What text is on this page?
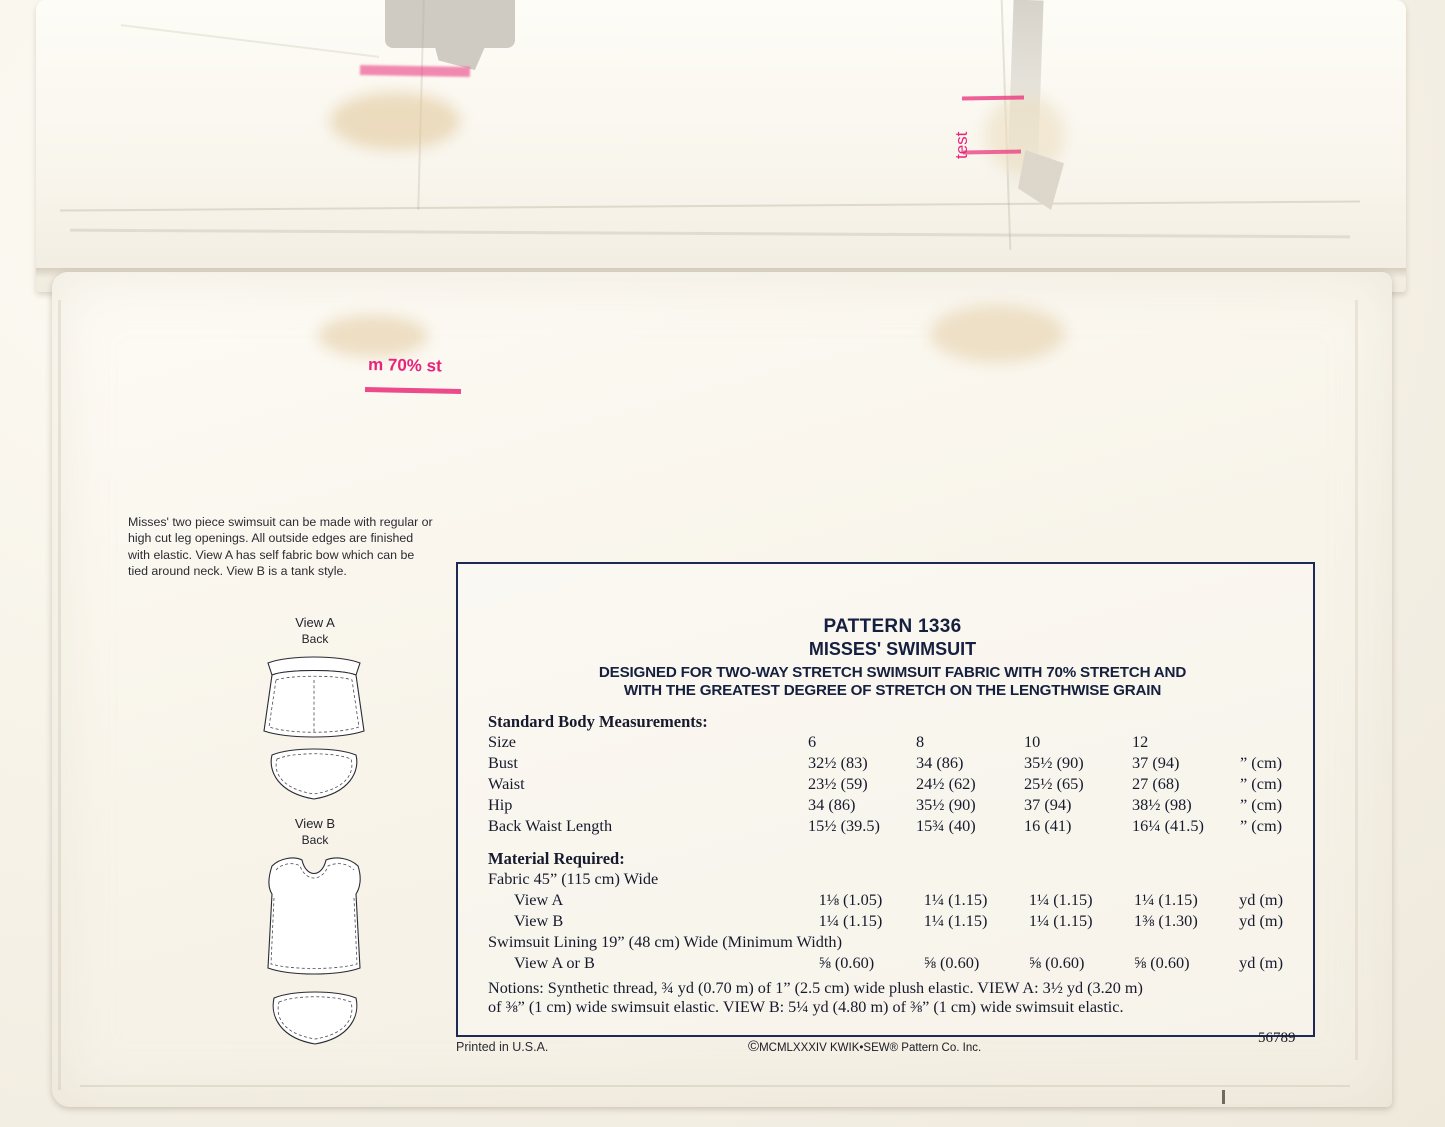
test
m 70% st
Misses' two piece swimsuit can be made with regular or high cut leg openings. All outside edges are finished with elastic. View A has self fabric bow which can be tied around neck. View B is a tank style.
View A
Back
View B
Back
PATTERN 1336
MISSES' SWIMSUIT
DESIGNED FOR TWO-WAY STRETCH SWIMSUIT FABRIC WITH 70% STRETCH AND
WITH THE GREATEST DEGREE OF STRETCH ON THE LENGTHWISE GRAIN
Standard Body Measurements:
Size	6	8	10	12	
Bust	32½ (83)	34 (86)	35½ (90)	37 (94)	” (cm)
Waist	23½ (59)	24½ (62)	25½ (65)	27 (68)	” (cm)
Hip	34 (86)	35½ (90)	37 (94)	38½ (98)	” (cm)
Back Waist Length	15½ (39.5)	15¾ (40)	16 (41)	16¼ (41.5)	” (cm)
Material Required:
Fabric 45” (115 cm) Wide					
View A	1⅛ (1.05)	1¼ (1.15)	1¼ (1.15)	1¼ (1.15)	yd (m)
View B	1¼ (1.15)	1¼ (1.15)	1¼ (1.15)	1⅜ (1.30)	yd (m)
Swimsuit Lining 19” (48 cm) Wide (Minimum Width)					
View A or B	⅝ (0.60)	⅝ (0.60)	⅝ (0.60)	⅝ (0.60)	yd (m)
Notions: Synthetic thread, ¾ yd (0.70 m) of 1” (2.5 cm) wide plush elastic. VIEW A: 3½ yd (3.20 m)
of ⅜” (1 cm) wide swimsuit elastic. VIEW B: 5¼ yd (4.80 m) of ⅜” (1 cm) wide swimsuit elastic.
Printed in U.S.A.	©MCMLXXXIV KWIK•SEW® Pattern Co. Inc.
56789
